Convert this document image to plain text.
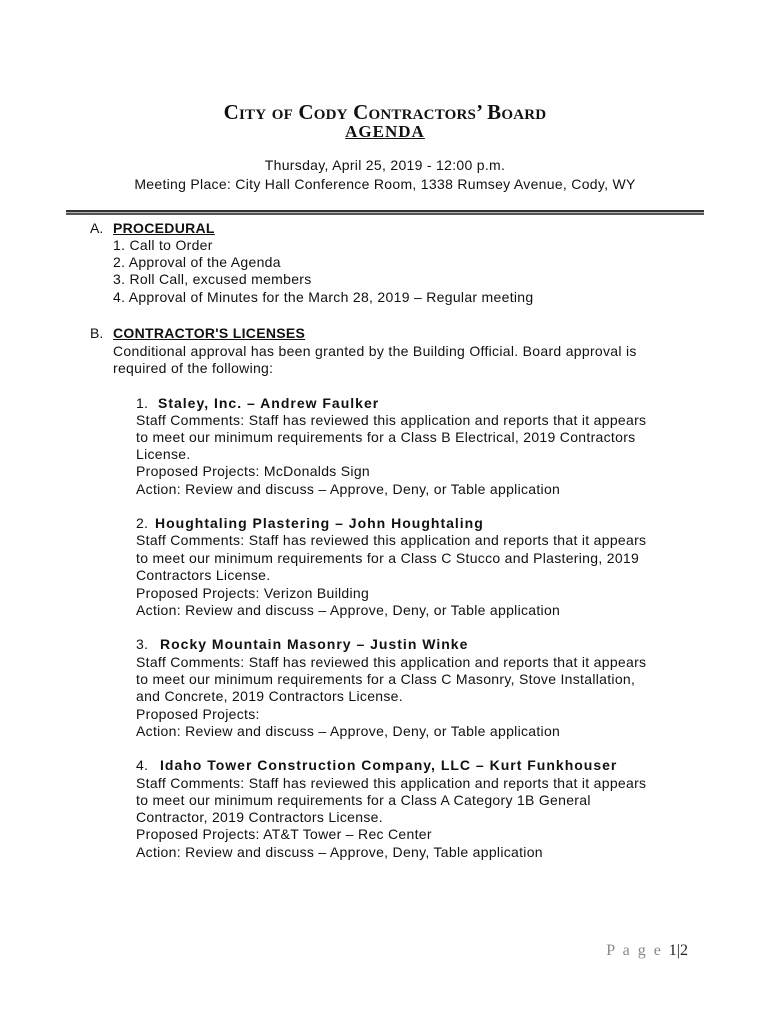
City of Cody Contractors’ Board
AGENDA
Thursday, April 25, 2019 - 12:00 p.m.
Meeting Place: City Hall Conference Room, 1338 Rumsey Avenue, Cody, WY
A. PROCEDURAL
1. Call to Order
2. Approval of the Agenda
3. Roll Call, excused members
4. Approval of Minutes for the March 28, 2019 – Regular meeting
B. CONTRACTOR'S LICENSES
Conditional approval has been granted by the Building Official. Board approval is
required of the following:
1. Staley, Inc. – Andrew Faulker
Staff Comments: Staff has reviewed this application and reports that it appears
to meet our minimum requirements for a Class B Electrical, 2019 Contractors
License.
Proposed Projects: McDonalds Sign
Action: Review and discuss – Approve, Deny, or Table application
2. Houghtaling Plastering – John Houghtaling
Staff Comments: Staff has reviewed this application and reports that it appears
to meet our minimum requirements for a Class C Stucco and Plastering, 2019
Contractors License.
Proposed Projects: Verizon Building
Action: Review and discuss – Approve, Deny, or Table application
3. Rocky Mountain Masonry – Justin Winke
Staff Comments: Staff has reviewed this application and reports that it appears
to meet our minimum requirements for a Class C Masonry, Stove Installation,
and Concrete, 2019 Contractors License.
Proposed Projects:
Action: Review and discuss – Approve, Deny, or Table application
4. Idaho Tower Construction Company, LLC – Kurt Funkhouser
Staff Comments: Staff has reviewed this application and reports that it appears
to meet our minimum requirements for a Class A Category 1B General
Contractor, 2019 Contractors License.
Proposed Projects: AT&T Tower – Rec Center
Action: Review and discuss – Approve, Deny, Table application
P a g e 1|2
